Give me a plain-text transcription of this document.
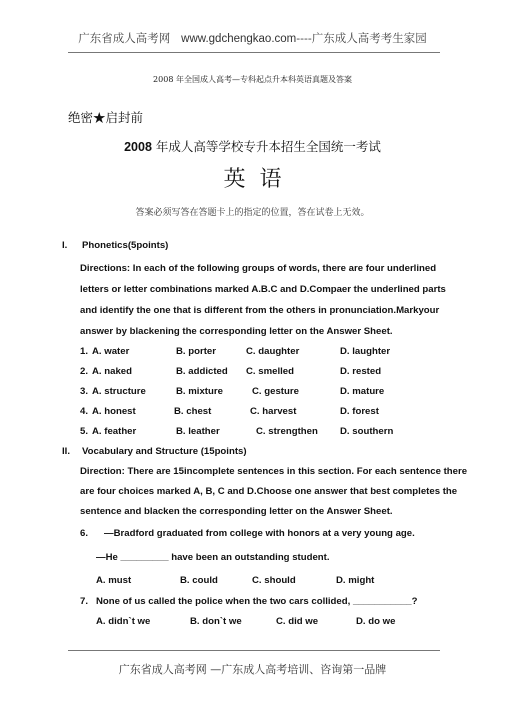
广东省成人高考网 www.gdchengkao.com----广东成人高考考生家园
2008 年全国成人高考—专科起点升本科英语真题及答案
绝密★启封前
2008 年成人高等学校专升本招生全国统一考试
英语
答案必须写答在答题卡上的指定的位置，答在试卷上无效。
I. Phonetics(5points)
Directions: In each of the following groups of words, there are four underlined
letters or letter combinations marked A.B.C and D.Compaer the underlined parts
and identify the one that is different from the others in pronunciation.Markyour
answer by blackening the corresponding letter on the Answer Sheet.
1. A. water	B. porter	C. daughter	D. laughter
2. A. naked	B. addicted C. smelled	D. rested
3. A. structure	B. mixture	C. gesture	D. mature
4. A. honest	B. chest	C. harvest	D. forest
5. A. feather	B. leather	C. strengthen D. southern
II. Vocabulary and Structure (15points)
Direction: There are 15incomplete sentences in this section. For each sentence there
are four choices marked A, B, C and D.Choose one answer that best completes the
sentence and blacken the corresponding letter on the Answer Sheet.
6. —Bradford graduated from college with honors at a very young age.
—He _________ have been an outstanding student.
A. must	B. could	C. should	D. might
7. None of us called the police when the two cars collided, ___________?
A. didn`t we	B. don`t we	C. did we	D. do we
广东省成人高考网 —广东成人高考培训、咨询第一品牌
